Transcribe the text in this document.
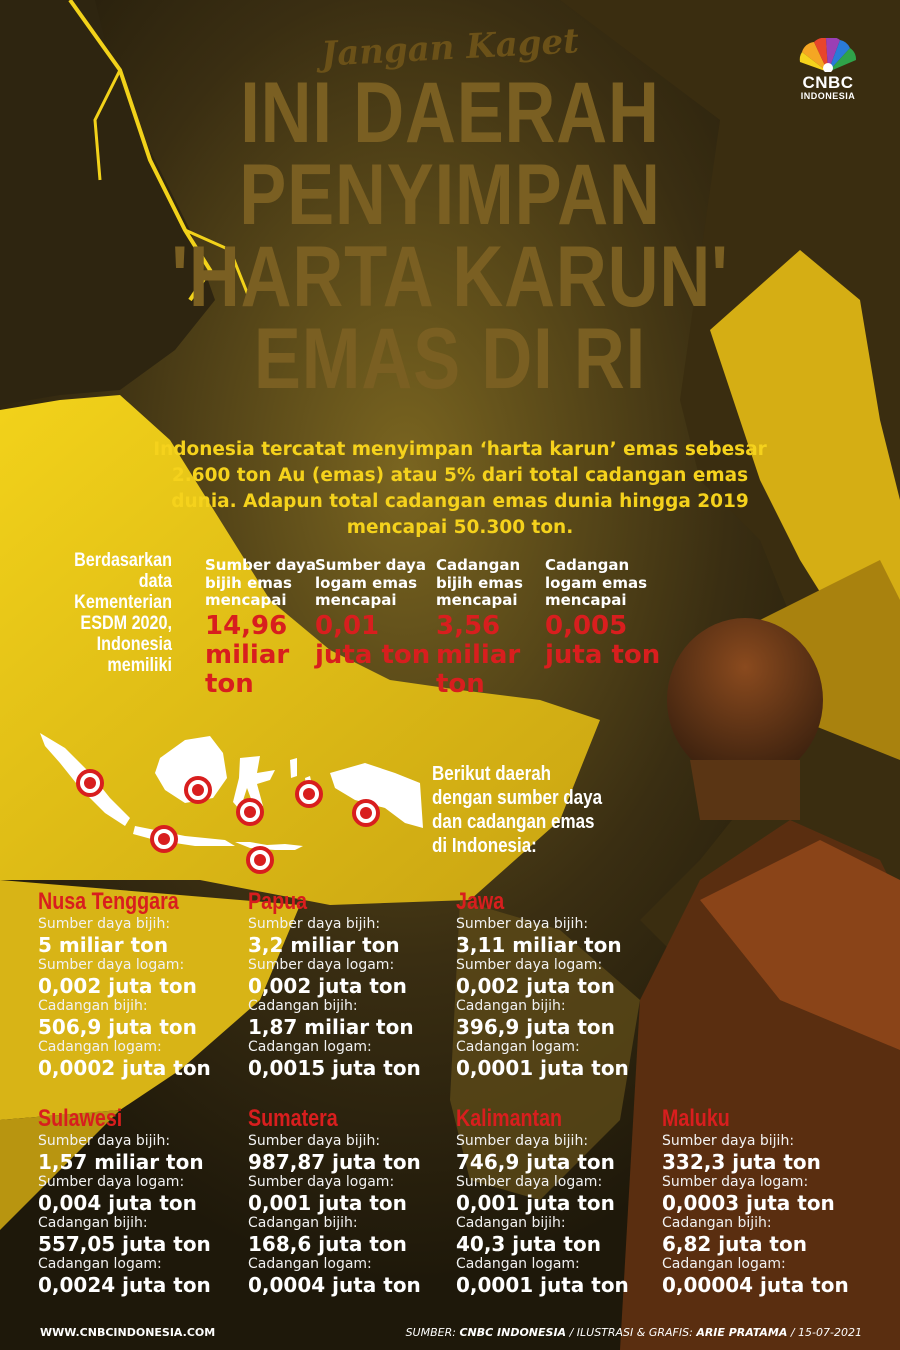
CNBC
INDONESIA
Jangan Kaget
INI DAERAH
PENYIMPAN
'HARTA KARUN'
EMAS DI RI
Indonesia tercatat menyimpan ‘harta karun’ emas sebesar 2.600 ton Au (emas) atau 5% dari total cadangan emas dunia. Adapun total cadangan emas dunia hingga 2019 mencapai 50.300 ton.
Berdasarkan data Kementerian ESDM 2020, Indonesia memiliki
Sumber daya bijih emas mencapai
14,96 miliar ton
Sumber daya logam emas mencapai
0,01 juta ton
Cadangan bijih emas mencapai
3,56 miliar ton
Cadangan logam emas mencapai
0,005 juta ton
Berikut daerah dengan sumber daya dan cadangan emas di Indonesia:
Nusa Tenggara
Sumber daya bijih:
5 miliar ton
Sumber daya logam:
0,002 juta ton
Cadangan bijih:
506,9 juta ton
Cadangan logam:
0,0002 juta ton
Papua
Sumber daya bijih:
3,2 miliar ton
Sumber daya logam:
0,002 juta ton
Cadangan bijih:
1,87 miliar ton
Cadangan logam:
0,0015 juta ton
Jawa
Sumber daya bijih:
3,11 miliar ton
Sumber daya logam:
0,002 juta ton
Cadangan bijih:
396,9 juta ton
Cadangan logam:
0,0001 juta ton
Sulawesi
Sumber daya bijih:
1,57 miliar ton
Sumber daya logam:
0,004 juta ton
Cadangan bijih:
557,05 juta ton
Cadangan logam:
0,0024 juta ton
Sumatera
Sumber daya bijih:
987,87 juta ton
Sumber daya logam:
0,001 juta ton
Cadangan bijih:
168,6 juta ton
Cadangan logam:
0,0004 juta ton
Kalimantan
Sumber daya bijih:
746,9 juta ton
Sumber daya logam:
0,001 juta ton
Cadangan bijih:
40,3 juta ton
Cadangan logam:
0,0001 juta ton
Maluku
Sumber daya bijih:
332,3 juta ton
Sumber daya logam:
0,0003 juta ton
Cadangan bijih:
6,82 juta ton
Cadangan logam:
0,00004 juta ton
WWW.CNBCINDONESIA.COM	SUMBER: CNBC INDONESIA / ILUSTRASI & GRAFIS: ARIE PRATAMA / 15-07-2021
